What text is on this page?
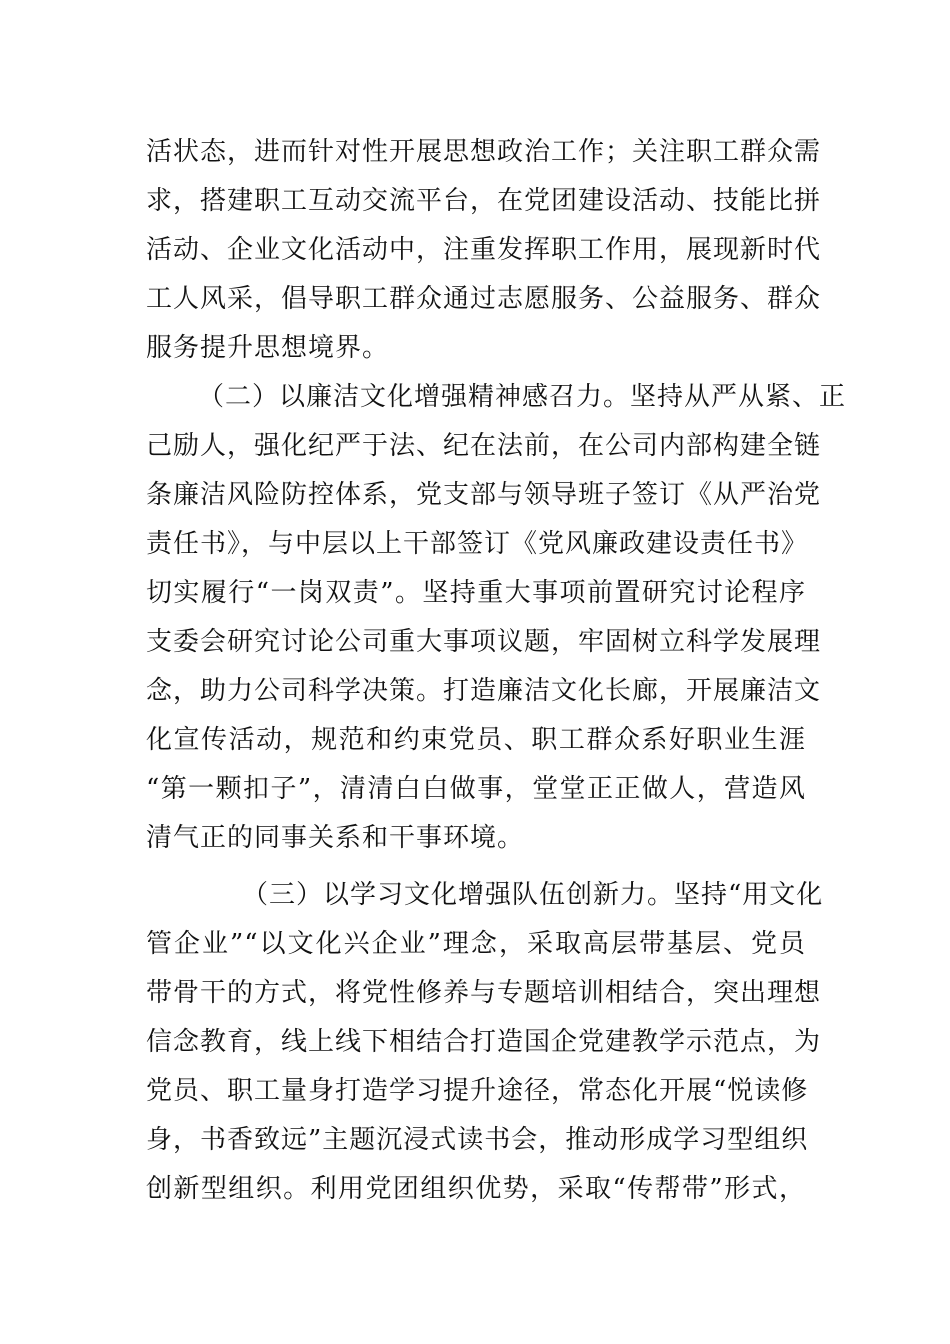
活状态，进而针对性开展思想政治工作；关注职工群众需
求，搭建职工互动交流平台，在党团建设活动、技能比拼
活动、企业文化活动中，注重发挥职工作用，展现新时代
工人风采，倡导职工群众通过志愿服务、公益服务、群众
服务提升思想境界。
（二）以廉洁文化增强精神感召力。坚持从严从紧、正
己励人，强化纪严于法、纪在法前，在公司内部构建全链
条廉洁风险防控体系，党支部与领导班子签订《从严治党
责任书》，与中层以上干部签订《党风廉政建设责任书》
切实履行“一岗双责”。坚持重大事项前置研究讨论程序
支委会研究讨论公司重大事项议题，牢固树立科学发展理
念，助力公司科学决策。打造廉洁文化长廊，开展廉洁文
化宣传活动，规范和约束党员、职工群众系好职业生涯
“第一颗扣子”，清清白白做事，堂堂正正做人，营造风
清气正的同事关系和干事环境。
（三）以学习文化增强队伍创新力。坚持“用文化
管企业”“以文化兴企业”理念，采取高层带基层、党员
带骨干的方式，将党性修养与专题培训相结合，突出理想
信念教育，线上线下相结合打造国企党建教学示范点，为
党员、职工量身打造学习提升途径，常态化开展“悦读修
身，书香致远”主题沉浸式读书会，推动形成学习型组织
创新型组织。利用党团组织优势，采取“传帮带”形式，
